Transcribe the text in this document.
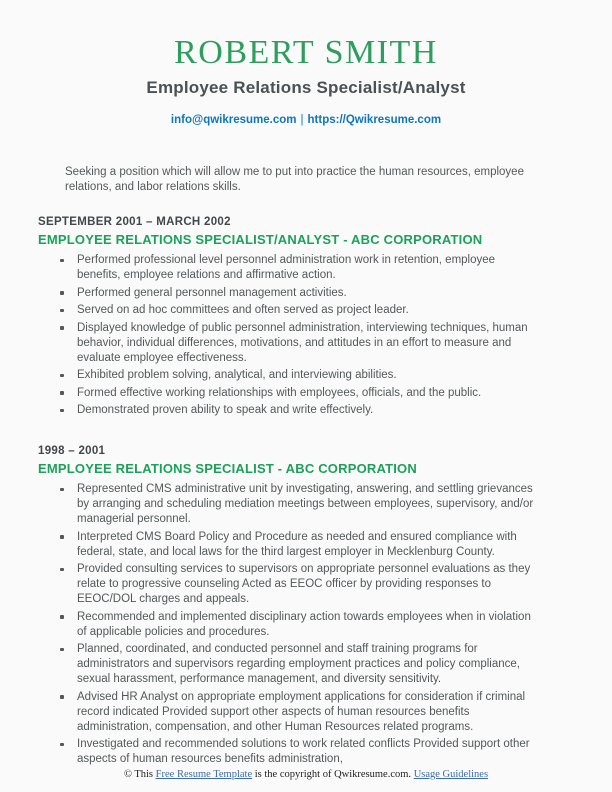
ROBERT SMITH
Employee Relations Specialist/Analyst
info@qwikresume.com | https://Qwikresume.com

Seeking a position which will allow me to put into practice the human resources, employee relations, and labor relations skills.

SEPTEMBER 2001 – MARCH 2002
EMPLOYEE RELATIONS SPECIALIST/ANALYST - ABC CORPORATION
Performed professional level personnel administration work in retention, employee benefits, employee relations and affirmative action.
Performed general personnel management activities.
Served on ad hoc committees and often served as project leader.
Displayed knowledge of public personnel administration, interviewing techniques, human behavior, individual differences, motivations, and attitudes in an effort to measure and evaluate employee effectiveness.
Exhibited problem solving, analytical, and interviewing abilities.
Formed effective working relationships with employees, officials, and the public.
Demonstrated proven ability to speak and write effectively.
1998 – 2001
EMPLOYEE RELATIONS SPECIALIST - ABC CORPORATION
Represented CMS administrative unit by investigating, answering, and settling grievances by arranging and scheduling mediation meetings between employees, supervisory, and/or managerial personnel.
Interpreted CMS Board Policy and Procedure as needed and ensured compliance with federal, state, and local laws for the third largest employer in Mecklenburg County.
Provided consulting services to supervisors on appropriate personnel evaluations as they relate to progressive counseling Acted as EEOC officer by providing responses to EEOC/DOL charges and appeals.
Recommended and implemented disciplinary action towards employees when in violation of applicable policies and procedures.
Planned, coordinated, and conducted personnel and staff training programs for administrators and supervisors regarding employment practices and policy compliance, sexual harassment, performance management, and diversity sensitivity.
Advised HR Analyst on appropriate employment applications for consideration if criminal record indicated Provided support other aspects of human resources benefits administration, compensation, and other Human Resources related programs.
Investigated and recommended solutions to work related conflicts Provided support other aspects of human resources benefits administration,
© This Free Resume Template is the copyright of Qwikresume.com. Usage Guidelines
